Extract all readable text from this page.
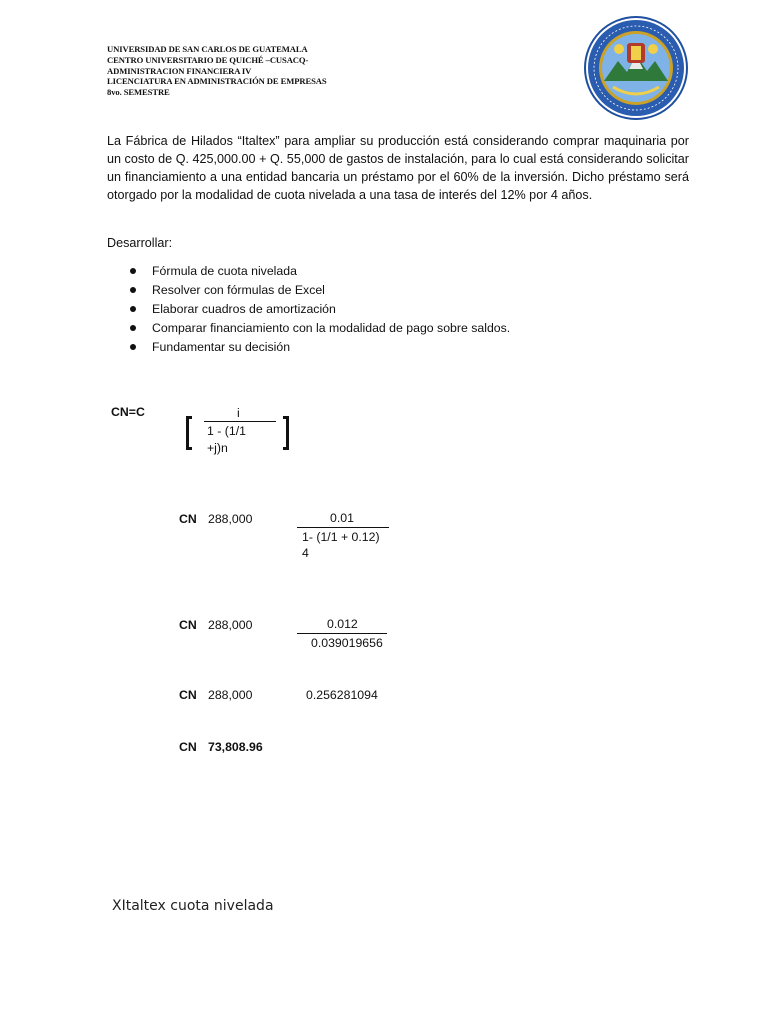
UNIVERSIDAD DE SAN CARLOS DE GUATEMALA
CENTRO UNIVERSITARIO DE QUICHÉ –CUSACQ-
ADMINISTRACION FINANCIERA IV
LICENCIATURA EN ADMINISTRACIÓN DE EMPRESAS
8vo. SEMESTRE

La Fábrica de Hilados “Italtex” para ampliar su producción está considerando comprar maquinaria por un costo de Q. 425,000.00 + Q. 55,000 de gastos de instalación, para lo cual está considerando solicitar un financiamiento a una entidad bancaria un préstamo por el 60% de la inversión. Dicho préstamo será otorgado por la modalidad de cuota nivelada a una tasa de interés del 12% por 4 años.

Desarrollar:
Fórmula de cuota nivelada
Resolver con fórmulas de Excel
Elaborar cuadros de amortización
Comparar financiamiento con la modalidad de pago sobre saldos.
Fundamentar su decisión
CN=C	i
1 - (1/1
+j)n
CN 288,000	0.01
1- (1/1 + 0.12)
4
CN 288,000	0.012
0.039019656
CN 288,000	0.256281094
CN 73,808.96
XItaltex cuota nivelada
